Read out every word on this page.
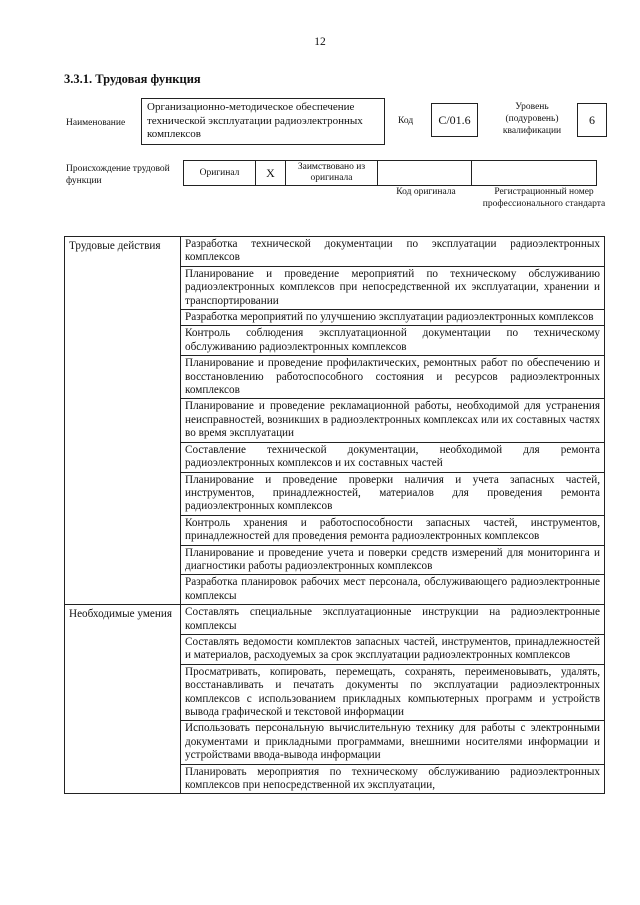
12
3.3.1. Трудовая функция
Наименование
Организационно-методическое обеспечение технической эксплуатации радиоэлектронных комплексов
Код С/01.6
Уровень (подуровень) квалификации
6
Происхождение трудовой функции
Оригинал	X	Заимствовано из оригинала
Код оригинала	Регистрационный номер профессионального стандарта
Трудовые действия	Разработка технической документации по эксплуатации радиоэлектронных комплексов
	Планирование и проведение мероприятий по техническому обслуживанию радиоэлектронных комплексов при непосредственной их эксплуатации, хранении и транспортировании
	Разработка мероприятий по улучшению эксплуатации радиоэлектронных комплексов
	Контроль соблюдения эксплуатационной документации по техническому обслуживанию радиоэлектронных комплексов
	Планирование и проведение профилактических, ремонтных работ по обеспечению и восстановлению работоспособного состояния и ресурсов радиоэлектронных комплексов
	Планирование и проведение рекламационной работы, необходимой для устранения неисправностей, возникших в радиоэлектронных комплексах или их составных частях во время эксплуатации
	Составление технической документации, необходимой для ремонта радиоэлектронных комплексов и их составных частей
	Планирование и проведение проверки наличия и учета запасных частей, инструментов, принадлежностей, материалов для проведения ремонта радиоэлектронных комплексов
	Контроль хранения и работоспособности запасных частей, инструментов, принадлежностей для проведения ремонта радиоэлектронных комплексов
	Планирование и проведение учета и поверки средств измерений для мониторинга и диагностики работы радиоэлектронных комплексов
	Разработка планировок рабочих мест персонала, обслуживающего радиоэлектронные комплексы
Необходимые умения	Составлять специальные эксплуатационные инструкции на радиоэлектронные комплексы
	Составлять ведомости комплектов запасных частей, инструментов, принадлежностей и материалов, расходуемых за срок эксплуатации радиоэлектронных комплексов
	Просматривать, копировать, перемещать, сохранять, переименовывать, удалять, восстанавливать и печатать документы по эксплуатации радиоэлектронных комплексов с использованием прикладных компьютерных программ и устройств вывода графической и текстовой информации
	Использовать персональную вычислительную технику для работы с электронными документами и прикладными программами, внешними носителями информации и устройствами ввода-вывода информации
	Планировать мероприятия по техническому обслуживанию радиоэлектронных комплексов при непосредственной их эксплуатации,
